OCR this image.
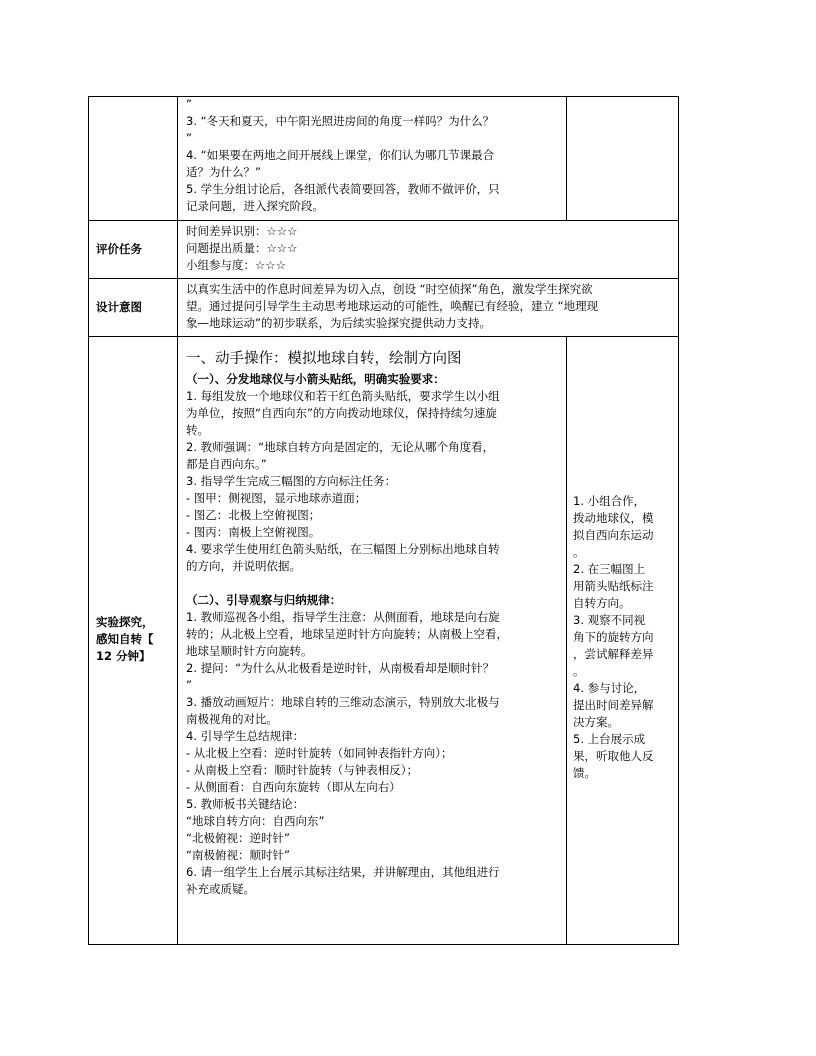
”

3. “冬天和夏天，中午阳光照进房间的角度一样吗？为什么？

”

4. “如果要在两地之间开展线上课堂，你们认为哪几节课最合

适？为什么？”

5. 学生分组讨论后，各组派代表简要回答，教师不做评价，只

记录问题，进入探究阶段。

评价任务

时间差异识别：☆☆☆

问题提出质量：☆☆☆

小组参与度：☆☆☆

设计意图

以真实生活中的作息时间差异为切入点，创设 “时空侦探”角色，激发学生探究欲

望。通过提问引导学生主动思考地球运动的可能性，唤醒已有经验，建立 “地理现

象—地球运动”的初步联系，为后续实验探究提供动力支持。

实验探究，

感知自转【

12 分钟】

一、动手操作：模拟地球自转，绘制方向图

（一）、分发地球仪与小箭头贴纸，明确实验要求：

1. 每组发放一个地球仪和若干红色箭头贴纸，要求学生以小组

为单位，按照“自西向东”的方向拨动地球仪，保持持续匀速旋

转。

2. 教师强调：“地球自转方向是固定的，无论从哪个角度看，

都是自西向东。”

3. 指导学生完成三幅图的方向标注任务：

- 图甲：侧视图，显示地球赤道面；

- 图乙：北极上空俯视图；

- 图丙：南极上空俯视图。

4. 要求学生使用红色箭头贴纸，在三幅图上分别标出地球自转

的方向，并说明依据。

（二）、引导观察与归纳规律：

1. 教师巡视各小组，指导学生注意：从侧面看，地球是向右旋

转的；从北极上空看，地球呈逆时针方向旋转；从南极上空看，

地球呈顺时针方向旋转。

2. 提问：“为什么从北极看是逆时针，从南极看却是顺时针？

”

3. 播放动画短片：地球自转的三维动态演示，特别放大北极与

南极视角的对比。

4. 引导学生总结规律：

- 从北极上空看：逆时针旋转（如同钟表指针方向）；

- 从南极上空看：顺时针旋转（与钟表相反）；

- 从侧面看：自西向东旋转（即从左向右）

5. 教师板书关键结论：

“地球自转方向：自西向东”

“北极俯视：逆时针”

“南极俯视：顺时针”

6. 请一组学生上台展示其标注结果，并讲解理由，其他组进行

补充或质疑。

1. 小组合作，

拨动地球仪，模

拟自西向东运动

。

2. 在三幅图上

用箭头贴纸标注

自转方向。

3. 观察不同视

角下的旋转方向

，尝试解释差异

。

4. 参与讨论，

提出时间差异解

决方案。

5. 上台展示成

果，听取他人反

馈。
